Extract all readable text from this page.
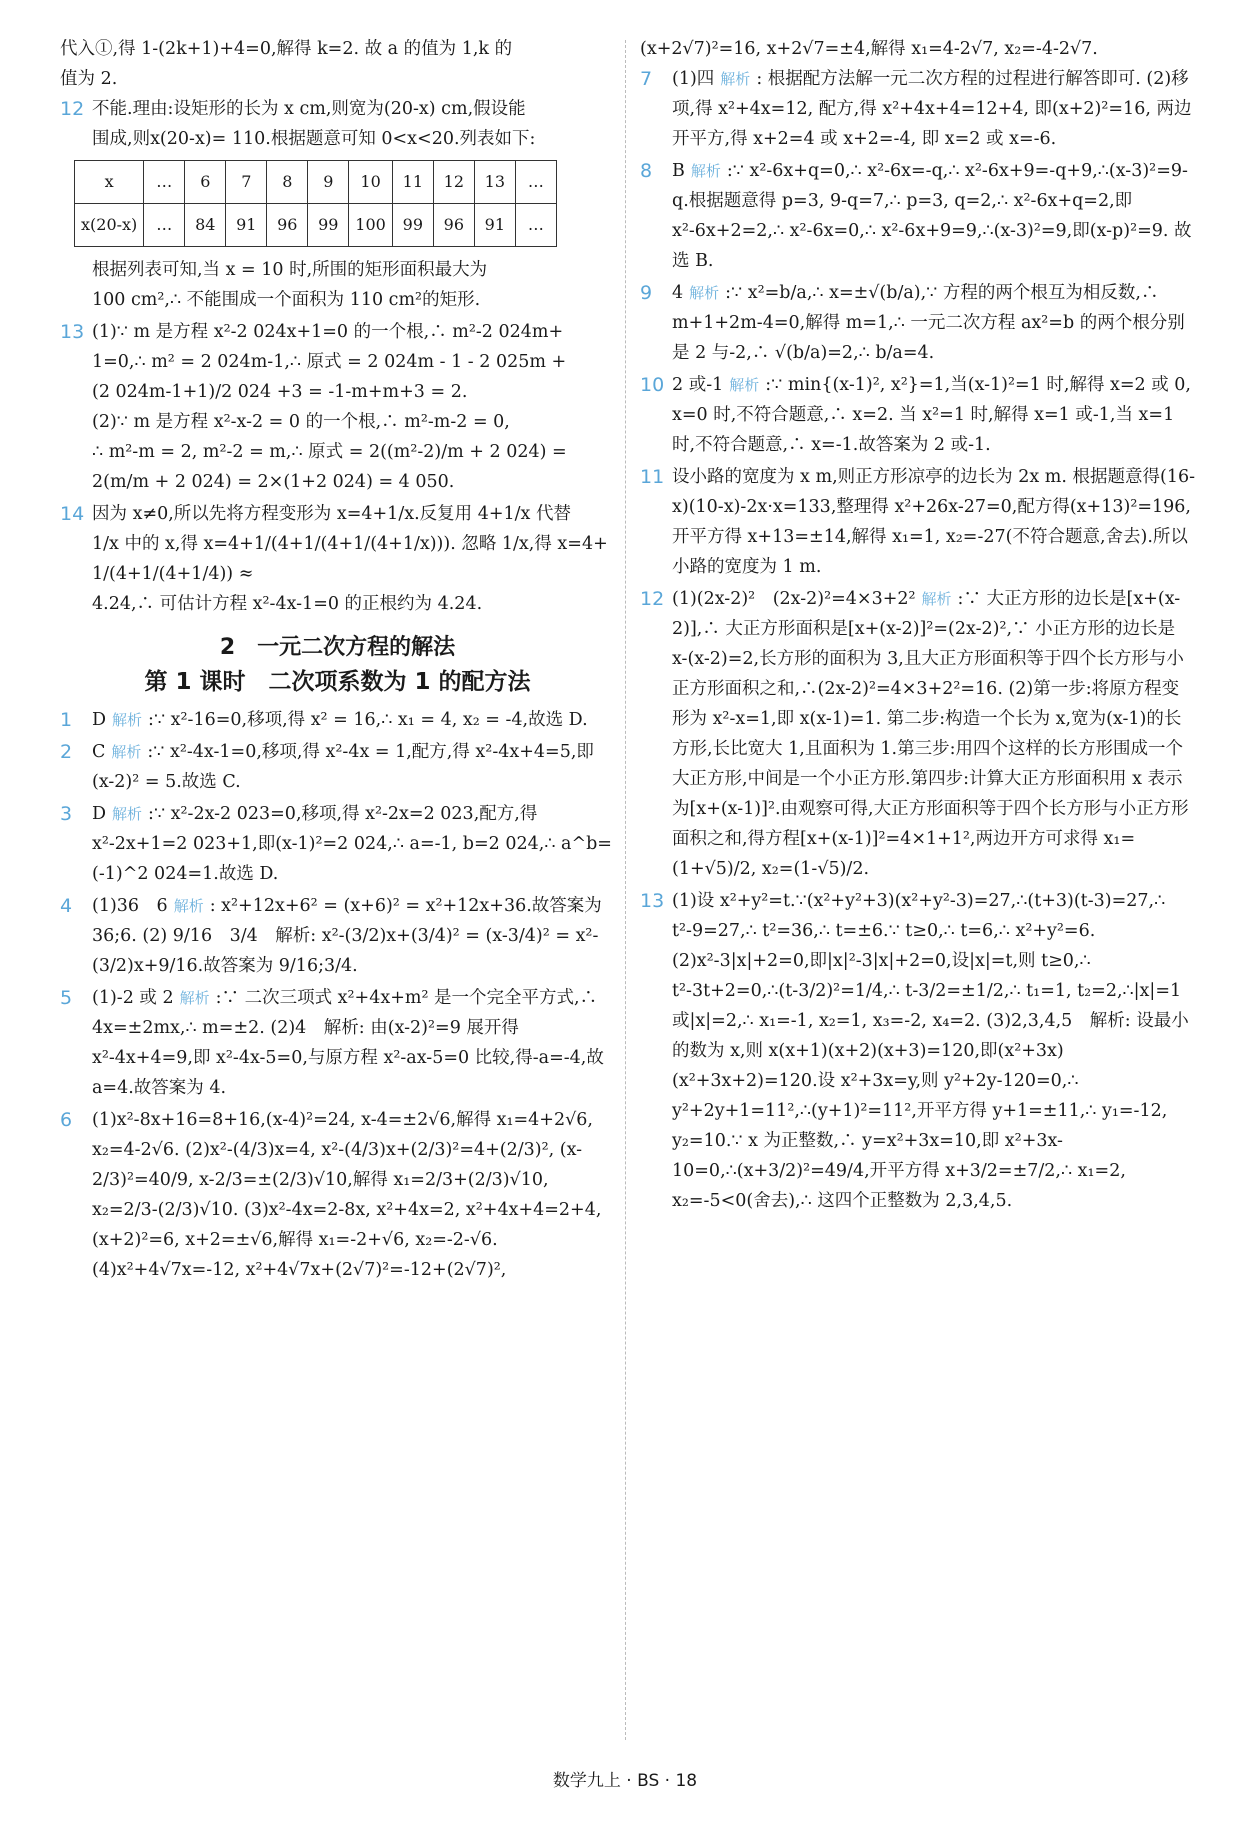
代入①,得 1-(2k+1)+4=0,解得 k=2. 故 a 的值为 1,k 的
值为 2.
12 不能.理由:设矩形的长为 x cm,则宽为(20-x) cm,假设能
围成,则x(20-x)= 110.根据题意可知 0<x<20.列表如下:
x	…	6	7	8	9	10	11	12	13	…
x(20-x)	…	84	91	96	99	100	99	96	91	…
根据列表可知,当 x = 10 时,所围的矩形面积最大为
100 cm²,∴ 不能围成一个面积为 110 cm²的矩形.
13 (1)∵ m 是方程 x²-2 024x+1=0 的一个根,∴ m²-2 024m+
1=0,∴ m² = 2 024m-1,∴ 原式 = 2 024m - 1 - 2 025m +
(2 024m-1+1)/2 024 +3 = -1-m+m+3 = 2.
(2)∵ m 是方程 x²-x-2 = 0 的一个根,∴ m²-m-2 = 0,
∴ m²-m = 2, m²-2 = m,∴ 原式 = 2((m²-2)/m + 2 024) =
2(m/m + 2 024) = 2×(1+2 024) = 4 050.
14 因为 x≠0,所以先将方程变形为 x=4+1/x.反复用 4+1/x 代替
1/x 中的 x,得 x=4+1/(4+1/(4+1/(4+1/x))). 忽略 1/x,得 x=4+1/(4+1/(4+1/4)) ≈
4.24,∴ 可估计方程 x²-4x-1=0 的正根约为 4.24.
2　一元二次方程的解法
第 1 课时　二次项系数为 1 的配方法
1 D 解析 :∵ x²-16=0,移项,得 x² = 16,∴ x₁ = 4, x₂ = -4,故选 D.
2 C 解析 :∵ x²-4x-1=0,移项,得 x²-4x = 1,配方,得 x²-4x+4=5,即(x-2)² = 5.故选 C.
3 D 解析 :∵ x²-2x-2 023=0,移项,得 x²-2x=2 023,配方,得 x²-2x+1=2 023+1,即(x-1)²=2 024,∴ a=-1, b=2 024,∴ a^b=(-1)^2 024=1.故选 D.
4 (1)36　6 解析 : x²+12x+6² = (x+6)² = x²+12x+36.故答案为 36;6. (2) 9/16　3/4　解析: x²-(3/2)x+(3/4)² = (x-3/4)² = x²-(3/2)x+9/16.故答案为 9/16;3/4.
5 (1)-2 或 2 解析 :∵ 二次三项式 x²+4x+m² 是一个完全平方式,∴ 4x=±2mx,∴ m=±2. (2)4　解析: 由(x-2)²=9 展开得 x²-4x+4=9,即 x²-4x-5=0,与原方程 x²-ax-5=0 比较,得-a=-4,故 a=4.故答案为 4.
6 (1)x²-8x+16=8+16,(x-4)²=24, x-4=±2√6,解得 x₁=4+2√6, x₂=4-2√6. (2)x²-(4/3)x=4, x²-(4/3)x+(2/3)²=4+(2/3)², (x-2/3)²=40/9, x-2/3=±(2/3)√10,解得 x₁=2/3+(2/3)√10, x₂=2/3-(2/3)√10. (3)x²-4x=2-8x, x²+4x=2, x²+4x+4=2+4,(x+2)²=6, x+2=±√6,解得 x₁=-2+√6, x₂=-2-√6. (4)x²+4√7x=-12, x²+4√7x+(2√7)²=-12+(2√7)²,
(x+2√7)²=16, x+2√7=±4,解得 x₁=4-2√7, x₂=-4-2√7.
7 (1)四 解析 : 根据配方法解一元二次方程的过程进行解答即可. (2)移项,得 x²+4x=12, 配方,得 x²+4x+4=12+4, 即(x+2)²=16, 两边开平方,得 x+2=4 或 x+2=-4, 即 x=2 或 x=-6.
8 B 解析 :∵ x²-6x+q=0,∴ x²-6x=-q,∴ x²-6x+9=-q+9,∴(x-3)²=9-q.根据题意得 p=3, 9-q=7,∴ p=3, q=2,∴ x²-6x+q=2,即 x²-6x+2=2,∴ x²-6x=0,∴ x²-6x+9=9,∴(x-3)²=9,即(x-p)²=9. 故选 B.
9 4 解析 :∵ x²=b/a,∴ x=±√(b/a),∵ 方程的两个根互为相反数,∴ m+1+2m-4=0,解得 m=1,∴ 一元二次方程 ax²=b 的两个根分别是 2 与-2,∴ √(b/a)=2,∴ b/a=4.
10 2 或-1 解析 :∵ min{(x-1)², x²}=1,当(x-1)²=1 时,解得 x=2 或 0, x=0 时,不符合题意,∴ x=2. 当 x²=1 时,解得 x=1 或-1,当 x=1 时,不符合题意,∴ x=-1.故答案为 2 或-1.
11 设小路的宽度为 x m,则正方形凉亭的边长为 2x m. 根据题意得(16-x)(10-x)-2x·x=133,整理得 x²+26x-27=0,配方得(x+13)²=196,开平方得 x+13=±14,解得 x₁=1, x₂=-27(不符合题意,舍去).所以小路的宽度为 1 m.
12 (1)(2x-2)²　(2x-2)²=4×3+2² 解析 :∵ 大正方形的边长是[x+(x-2)],∴ 大正方形面积是[x+(x-2)]²=(2x-2)²,∵ 小正方形的边长是 x-(x-2)=2,长方形的面积为 3,且大正方形面积等于四个长方形与小正方形面积之和,∴(2x-2)²=4×3+2²=16. (2)第一步:将原方程变形为 x²-x=1,即 x(x-1)=1. 第二步:构造一个长为 x,宽为(x-1)的长方形,长比宽大 1,且面积为 1.第三步:用四个这样的长方形围成一个大正方形,中间是一个小正方形.第四步:计算大正方形面积用 x 表示为[x+(x-1)]².由观察可得,大正方形面积等于四个长方形与小正方形面积之和,得方程[x+(x-1)]²=4×1+1²,两边开方可求得 x₁=(1+√5)/2, x₂=(1-√5)/2.
13 (1)设 x²+y²=t.∵(x²+y²+3)(x²+y²-3)=27,∴(t+3)(t-3)=27,∴ t²-9=27,∴ t²=36,∴ t=±6.∵ t≥0,∴ t=6,∴ x²+y²=6. (2)x²-3|x|+2=0,即|x|²-3|x|+2=0,设|x|=t,则 t≥0,∴ t²-3t+2=0,∴(t-3/2)²=1/4,∴ t-3/2=±1/2,∴ t₁=1, t₂=2,∴|x|=1 或|x|=2,∴ x₁=-1, x₂=1, x₃=-2, x₄=2. (3)2,3,4,5　解析: 设最小的数为 x,则 x(x+1)(x+2)(x+3)=120,即(x²+3x)(x²+3x+2)=120.设 x²+3x=y,则 y²+2y-120=0,∴ y²+2y+1=11²,∴(y+1)²=11²,开平方得 y+1=±11,∴ y₁=-12, y₂=10.∵ x 为正整数,∴ y=x²+3x=10,即 x²+3x-10=0,∴(x+3/2)²=49/4,开平方得 x+3/2=±7/2,∴ x₁=2, x₂=-5<0(舍去),∴ 这四个正整数为 2,3,4,5.
数学九上 · BS · 18
